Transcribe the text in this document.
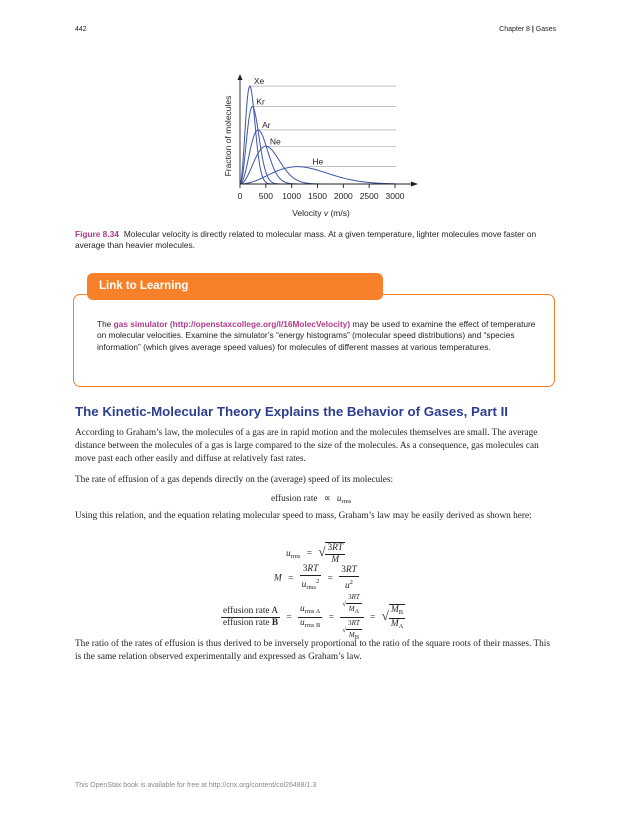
442	Chapter 8 | Gases
0 500 1000 1500 2000 2500 3000
Xe
Kr
Ar
Ne
He
Fraction of molecules
Velocity v (m/s)
Figure 8.34 Molecular velocity is directly related to molecular mass. At a given temperature, lighter molecules move faster on average than heavier molecules.
Link to Learning
The gas simulator (http://openstaxcollege.org/l/16MolecVelocity) may be used to examine the effect of temperature on molecular velocities. Examine the simulator’s “energy histograms” (molecular speed distributions) and “species information” (which gives average speed values) for molecules of different masses at various temperatures.
The Kinetic-Molecular Theory Explains the Behavior of Gases, Part II

According to Graham’s law, the molecules of a gas are in rapid motion and the molecules themselves are small. The average distance between the molecules of a gas is large compared to the size of the molecules. As a consequence, gas molecules can move past each other easily and diffuse at relatively fast rates.

The rate of effusion of a gas depends directly on the (average) speed of its molecules:

effusion rate ∝ $u_{rms}$

Using this relation, and the equation relating molecular speed to mass, Graham’s law may be easily derived as shown here:

$u_{rms}$ = √ $\frac{3RT}{M}$
$M = \frac{3RT}{u_{rms}^2} = \frac{3RT}{u^2}$
$\frac{\text{effusion rate A}}{\text{effusion rate B}} = \frac{u_{rms A}}{u_{rms B}} = \frac{√ \frac{3RT}{MA}}{√ \frac{3RT}{MB}}$ = √ $\frac{M_B}{M_A}$

The ratio of the rates of effusion is thus derived to be inversely proportional to the ratio of the square roots of their masses. This is the same relation observed experimentally and expressed as Graham’s law.

This OpenStax book is available for free at http://cnx.org/content/col26488/1.3
